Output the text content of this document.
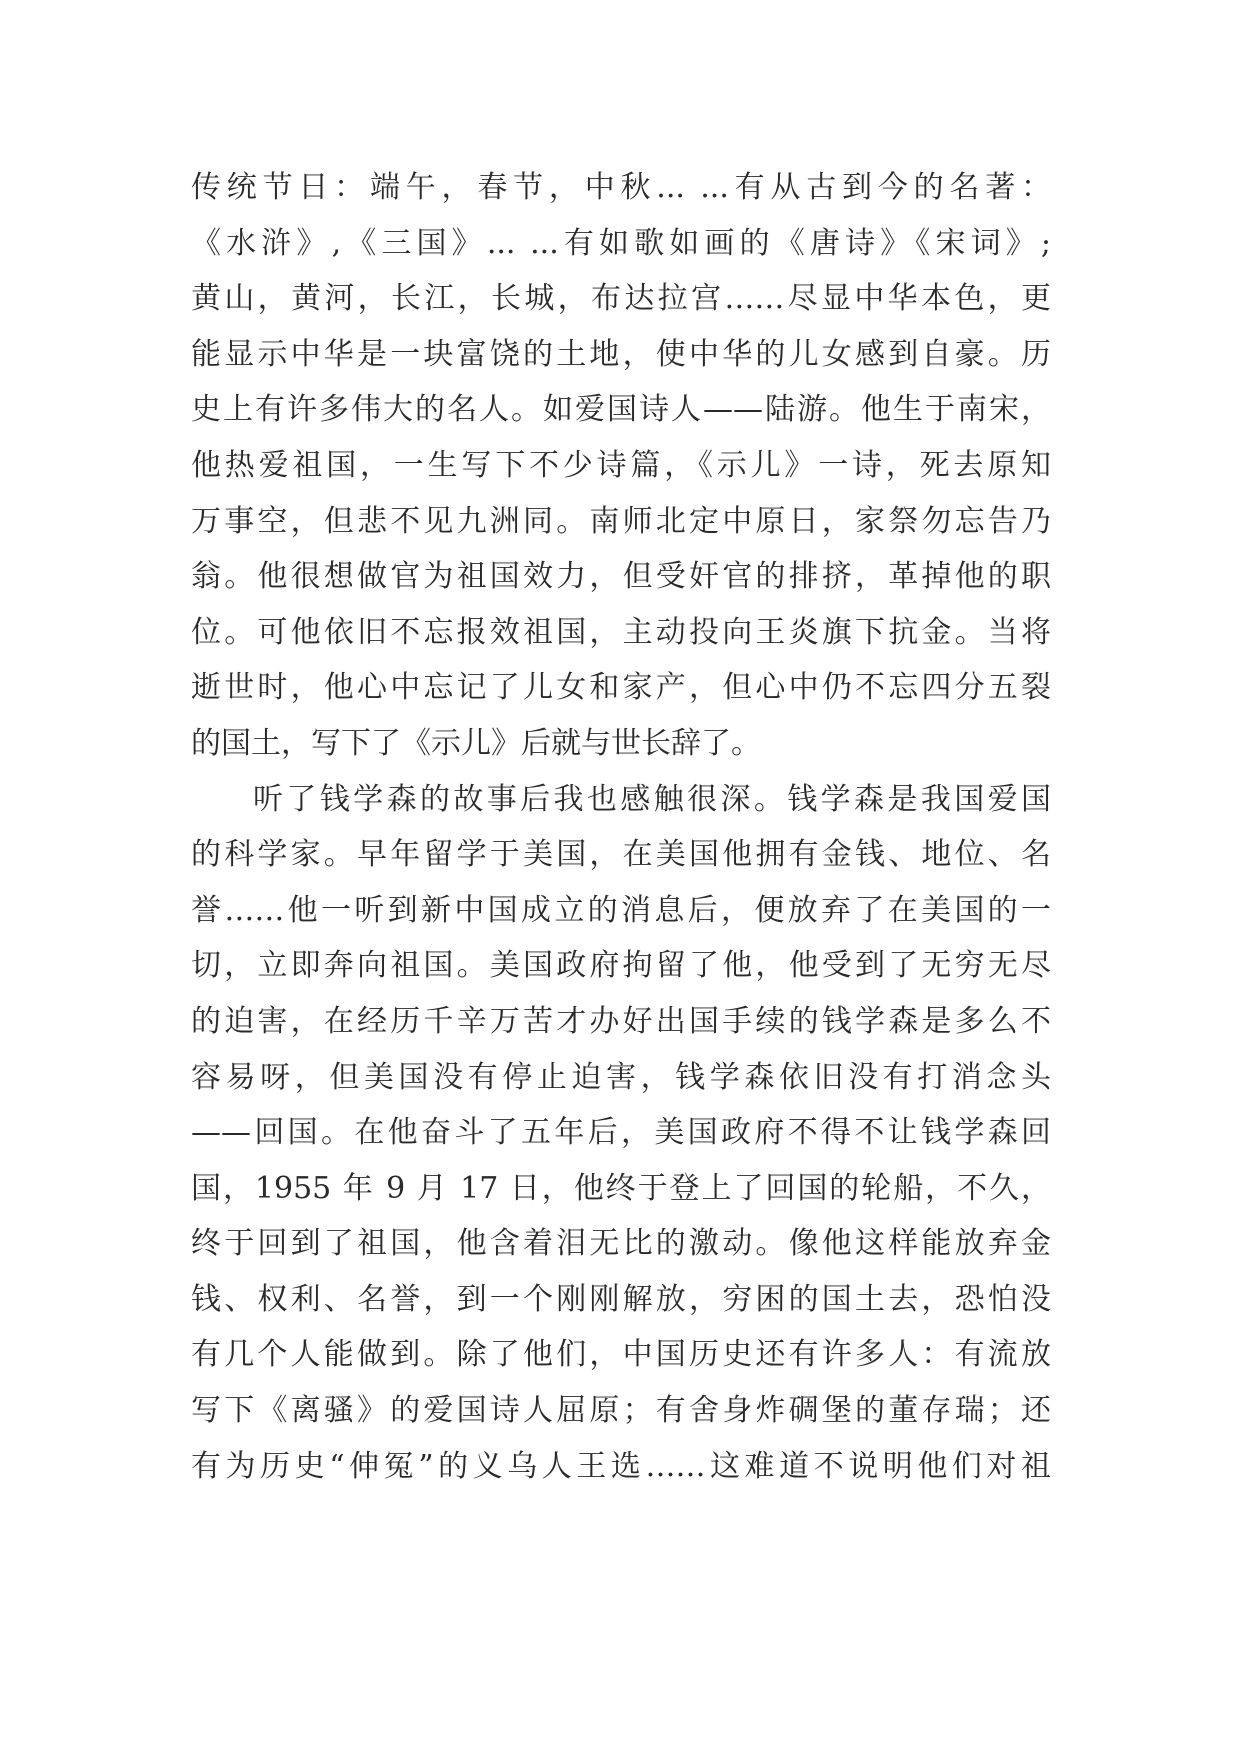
传统节日：端午，春节，中秋... ...有从古到今的名著：
《水浒》,《三国》... ...有如歌如画的《唐诗》《宋词》;
黄山，黄河，长江，长城，布达拉宫……尽显中华本色，更
能显示中华是一块富饶的土地，使中华的儿女感到自豪。历
史上有许多伟大的名人。如爱国诗人——陆游。他生于南宋，
他热爱祖国，一生写下不少诗篇，《示儿》一诗，死去原知
万事空，但悲不见九洲同。南师北定中原日，家祭勿忘告乃
翁。他很想做官为祖国效力，但受奸官的排挤，革掉他的职
位。可他依旧不忘报效祖国，主动投向王炎旗下抗金。当将
逝世时，他心中忘记了儿女和家产，但心中仍不忘四分五裂
的国土，写下了《示儿》后就与世长辞了。
听了钱学森的故事后我也感触很深。钱学森是我国爱国
的科学家。早年留学于美国，在美国他拥有金钱、地位、名
誉……他一听到新中国成立的消息后，便放弃了在美国的一
切，立即奔向祖国。美国政府拘留了他，他受到了无穷无尽
的迫害，在经历千辛万苦才办好出国手续的钱学森是多么不
容易呀，但美国没有停止迫害，钱学森依旧没有打消念头
——回国。在他奋斗了五年后，美国政府不得不让钱学森回
国，1955 年 9 月 17 日，他终于登上了回国的轮船，不久，
终于回到了祖国，他含着泪无比的激动。像他这样能放弃金
钱、权利、名誉，到一个刚刚解放，穷困的国土去，恐怕没
有几个人能做到。除了他们，中国历史还有许多人：有流放
写下《离骚》的爱国诗人屈原；有舍身炸碉堡的董存瑞；还
有为历史“伸冤”的义乌人王选……这难道不说明他们对祖
